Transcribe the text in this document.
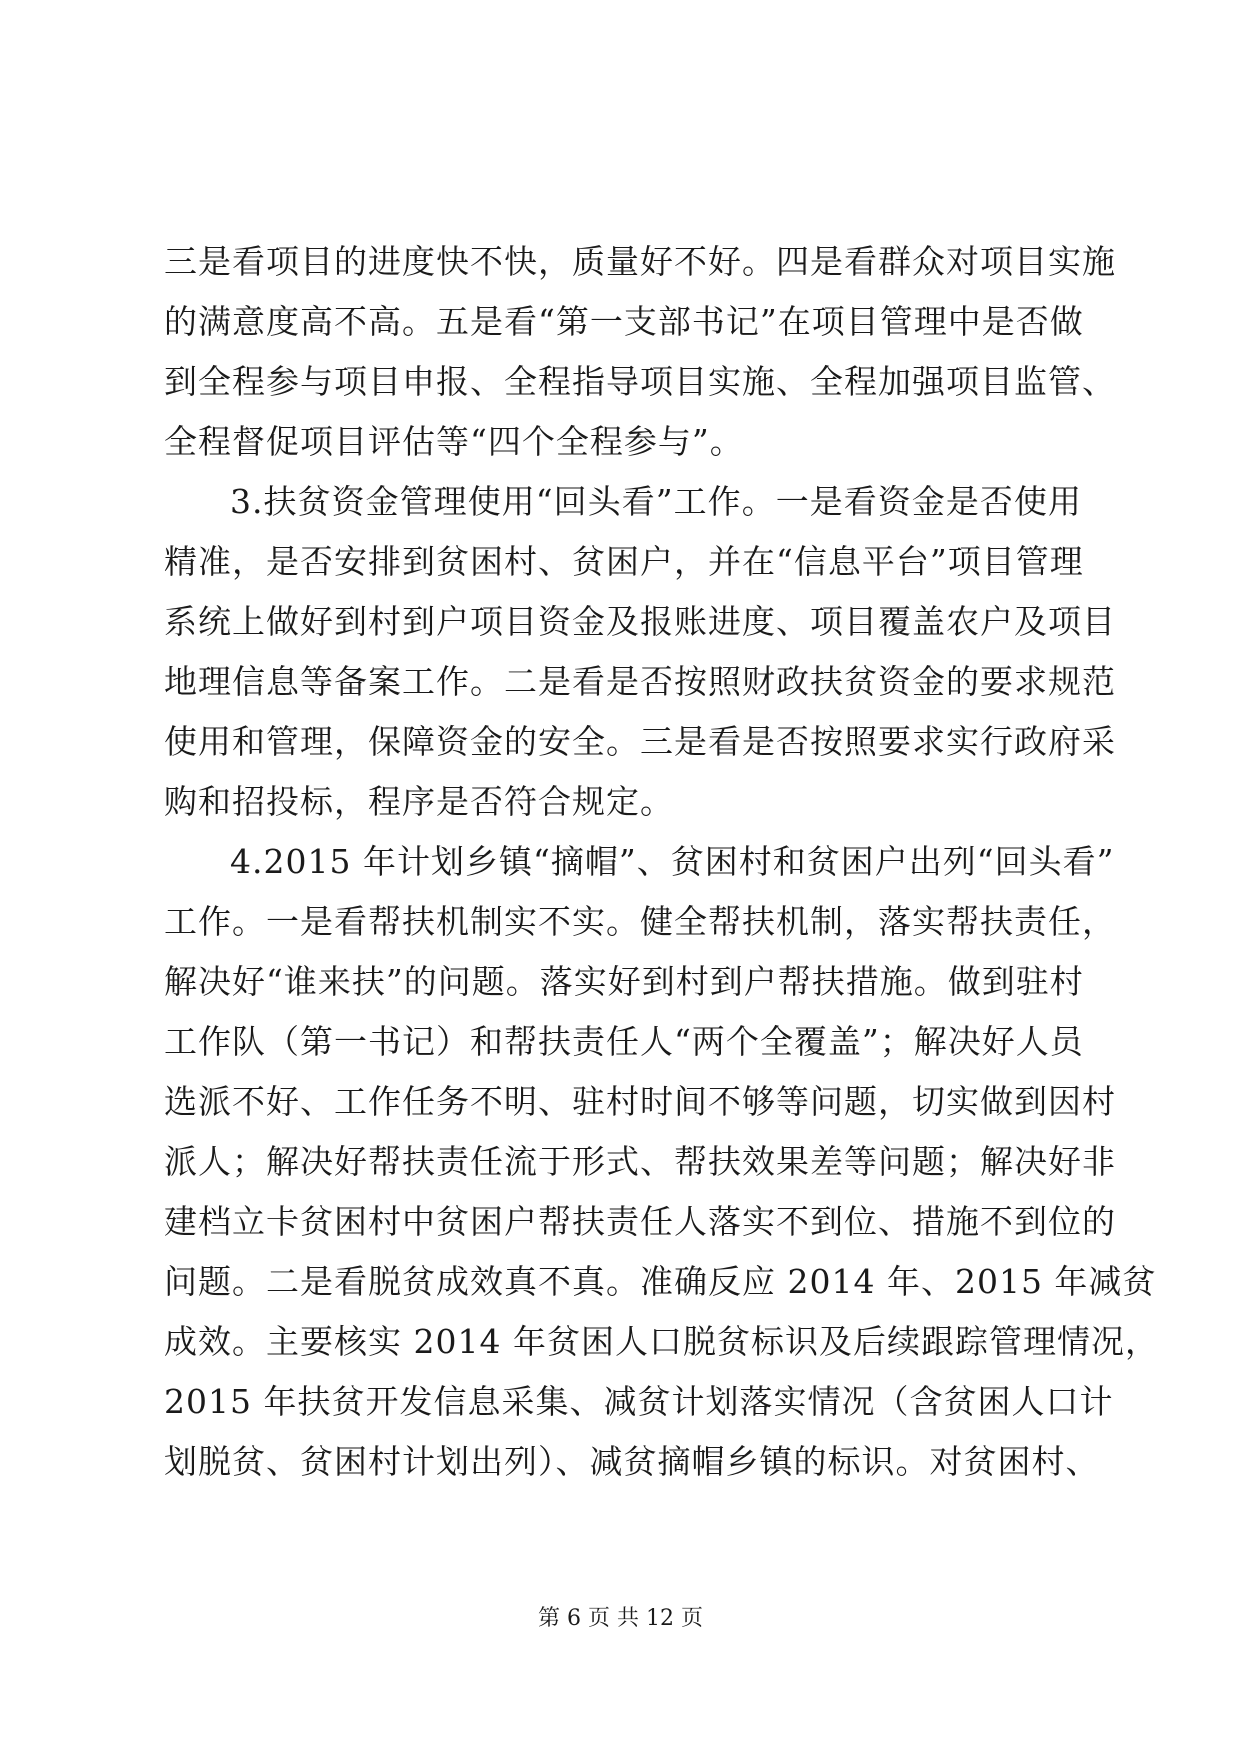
三是看项目的进度快不快，质量好不好。四是看群众对项目实施
的满意度高不高。五是看“第一支部书记”在项目管理中是否做
到全程参与项目申报、全程指导项目实施、全程加强项目监管、
全程督促项目评估等“四个全程参与”。
3.扶贫资金管理使用“回头看”工作。一是看资金是否使用
精准，是否安排到贫困村、贫困户，并在“信息平台”项目管理
系统上做好到村到户项目资金及报账进度、项目覆盖农户及项目
地理信息等备案工作。二是看是否按照财政扶贫资金的要求规范
使用和管理，保障资金的安全。三是看是否按照要求实行政府采
购和招投标，程序是否符合规定。
4.2015 年计划乡镇“摘帽”、贫困村和贫困户出列“回头看”
工作。一是看帮扶机制实不实。健全帮扶机制，落实帮扶责任，
解决好“谁来扶”的问题。落实好到村到户帮扶措施。做到驻村
工作队（第一书记）和帮扶责任人“两个全覆盖”；解决好人员
选派不好、工作任务不明、驻村时间不够等问题，切实做到因村
派人；解决好帮扶责任流于形式、帮扶效果差等问题；解决好非
建档立卡贫困村中贫困户帮扶责任人落实不到位、措施不到位的
问题。二是看脱贫成效真不真。准确反应 2014 年、2015 年减贫
成效。主要核实 2014 年贫困人口脱贫标识及后续跟踪管理情况，
2015 年扶贫开发信息采集、减贫计划落实情况（含贫困人口计
划脱贫、贫困村计划出列）、减贫摘帽乡镇的标识。对贫困村、
第 6 页 共 12 页
